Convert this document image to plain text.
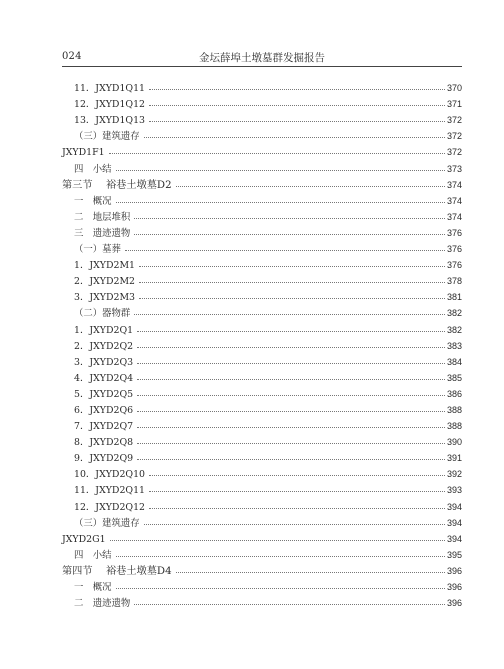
024	金坛薛埠土墩墓群发掘报告
11．JXYD1Q11	370
12．JXYD1Q12	371
13．JXYD1Q13	372
（三）建筑遗存	372
JXYD1F1	372
四　小结	373
第三节　 裕巷土墩墓D2	374
一　概况	374
二　地层堆积	374
三　遗迹遗物	376
（一）墓葬	376
1．JXYD2M1	376
2．JXYD2M2	378
3．JXYD2M3	381
（二）器物群	382
1．JXYD2Q1	382
2．JXYD2Q2	383
3．JXYD2Q3	384
4．JXYD2Q4	385
5．JXYD2Q5	386
6．JXYD2Q6	388
7．JXYD2Q7	388
8．JXYD2Q8	390
9．JXYD2Q9	391
10．JXYD2Q10	392
11．JXYD2Q11	393
12．JXYD2Q12	394
（三）建筑遗存	394
JXYD2G1	394
四　小结	395
第四节　 裕巷土墩墓D4	396
一　概况	396
二　遗迹遗物	396
